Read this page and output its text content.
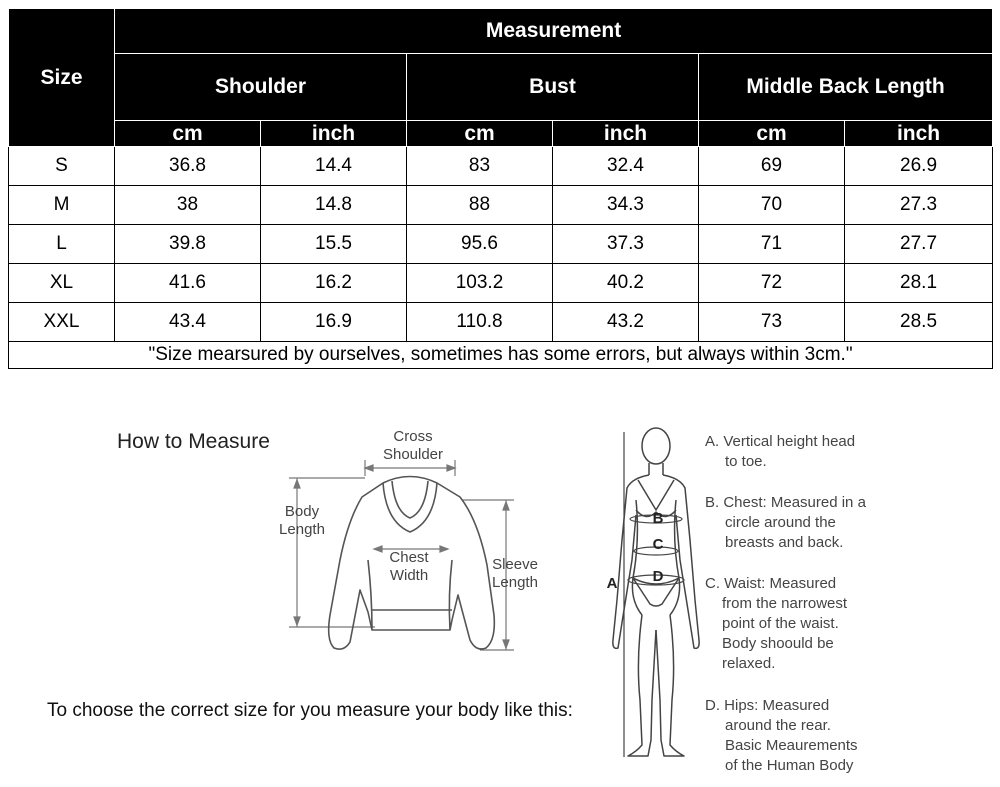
Size	Measurement					
	Shoulder		Bust		Middle Back Length	
	cm	inch	cm	inch	cm	inch
S	36.8	14.4	83	32.4	69	26.9
M	38	14.8	88	34.3	70	27.3
L	39.8	15.5	95.6	37.3	71	27.7
XL	41.6	16.2	103.2	40.2	72	28.1
XXL	43.4	16.9	110.8	43.2	73	28.5
"Size mearsured by ourselves, sometimes has some errors, but always within 3cm."						
How to Measure	Cross
Shoulder
Body
Length
Chest
Width
Sleeve
Length
To choose the correct size for you measure your body like this:
A
B
C
D
A. Vertical height head
to toe.
B. Chest: Measured in a
circle around the
breasts and back.
C. Waist: Measured
from the narrowest
point of the waist.
Body shoould be
relaxed.
D. Hips: Measured
around the rear.
Basic Meaurements
of the Human Body
